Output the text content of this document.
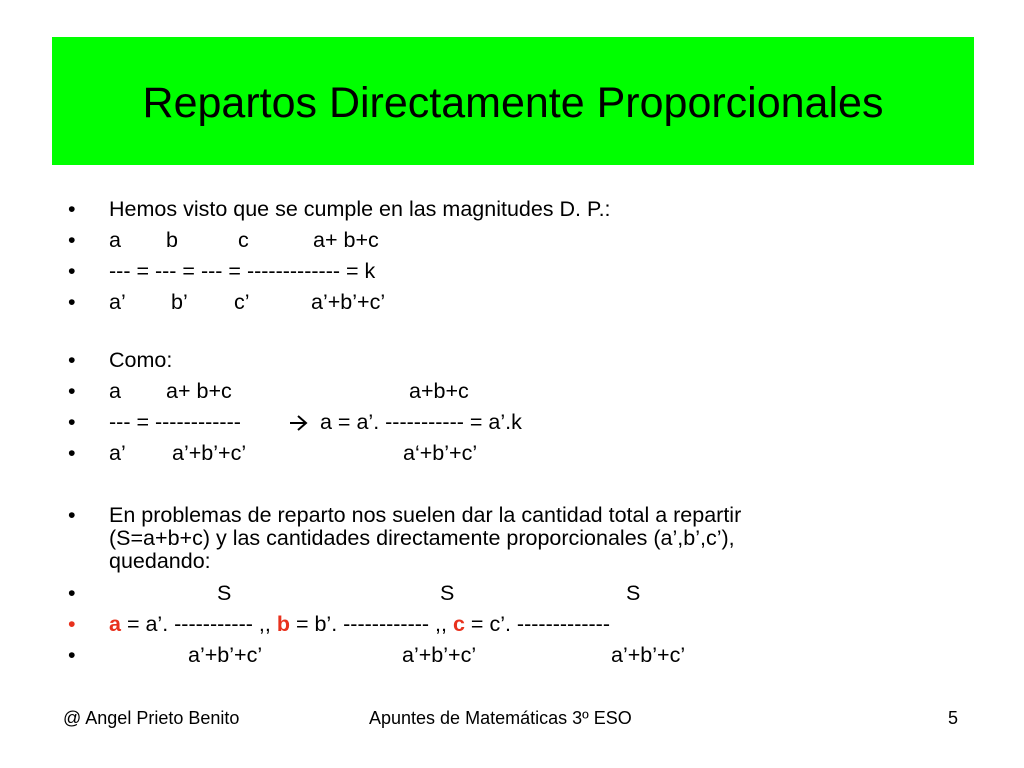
Repartos Directamente Proporcionales
• Hemos visto que se cumple en las magnitudes D. P.:
• a b	c	a+ b+c
• --- = --- = --- = ------------- = k
• a’ b’ c’	a’+b’+c’
• Como:
• a a+ b+c	a+b+c
• --- = ------------	a = a’. ----------- = a’.k
• a’ a’+b’+c’	a‘+b’+c’
• En problemas de reparto nos suelen dar la cantidad total a repartir
(S=a+b+c) y las cantidades directamente proporcionales (a’,b’,c’),
quedando:
•	S	S	S
• a = a’. ----------- ,, b = b’. ------------ ,, c = c’. -------------
•	a’+b’+c’	a’+b’+c’	a’+b’+c’
@ Angel Prieto Benito	Apuntes de Matemáticas 3º ESO	5
